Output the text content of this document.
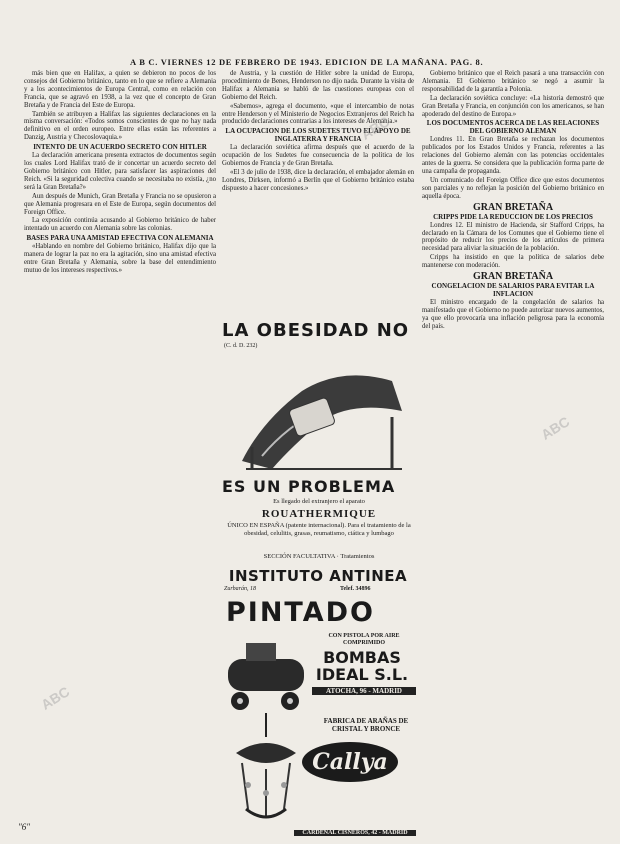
A B C. VIERNES 12 DE FEBRERO DE 1943. EDICION DE LA MAÑANA. PAG. 8.

más bien que en Halifax, a quien se debieron no pocos de los consejos del Gobierno británico, tanto en lo que se refiere a Alemania y a los acontecimientos de Europa Central, como en relación con Francia, que se agravó en 1938, a la vez que el concepto de Gran Bretaña y de Francia del Este de Europa.

También se atribuyen a Halifax las siguientes declaraciones en la misma conversación: «Todos somos conscientes de que no hay nada definitivo en el orden europeo. Entre ellas están las referentes a Danzig, Austria y Checoslovaquia.»

INTENTO DE UN ACUERDO SECRETO CON HITLER

La declaración americana presenta extractos de documentos según los cuales Lord Halifax trató de ir concertar un acuerdo secreto del Gobierno británico con Hitler, para satisfacer las aspiraciones del Reich. «Si la seguridad colectiva cuando se necesitaba no existía, ¿no será la Gran Bretaña?»

Aun después de Munich, Gran Bretaña y Francia no se opusieron a que Alemania progresara en el Este de Europa, según documentos del Foreign Office.

La exposición continúa acusando al Gobierno británico de haber intentado un acuerdo con Alemania sobre las colonias.

BASES PARA UNA AMISTAD EFECTIVA CON ALEMANIA

«Hablando en nombre del Gobierno británico, Halifax dijo que la manera de lograr la paz no era la agitación, sino una amistad efectiva entre Gran Bretaña y Alemania, sobre la base del entendimiento mutuo de los intereses respectivos.»

de Austria, y la cuestión de Hitler sobre la unidad de Europa, procedimiento de Benes, Henderson no dijo nada. Durante la visita de Halifax a Alemania se habló de las cuestiones europeas con el Gobierno del Reich.

«Sabemos», agrega el documento, «que el intercambio de notas entre Henderson y el Ministerio de Negocios Extranjeros del Reich ha producido declaraciones contrarias a los intereses de Alemania.»

LA OCUPACION DE LOS SUDETES TUVO EL APOYO DE INGLATERRA Y FRANCIA

La declaración soviética afirma después que el acuerdo de la ocupación de los Sudetes fue consecuencia de la política de los Gobiernos de Francia y de Gran Bretaña.

«El 3 de julio de 1938, dice la declaración, el embajador alemán en Londres, Dirksen, informó a Berlín que el Gobierno británico estaba dispuesto a hacer concesiones.»

LA OBESIDAD NO
(C. d. D. 232)
ES UN PROBLEMA
Es llegado del extranjero el aparato
ROUATHERMIQUE
ÚNICO EN ESPAÑA (patente internacional). Para el tratamiento de la obesidad, celulitis, grasas, reumatismo, ciática y lumbago
SECCIÓN FACULTATIVA · Tratamientos
INSTITUTO ANTINEA
Zurbarán, 18	Telef. 34896
PINTADO
CON PISTOLA POR AIRE COMPRIMIDO
BOMBAS IDEAL S.L.
ATOCHA, 96 - MADRID
FABRICA DE ARAÑAS DE CRISTAL Y BRONCE
Callya S.L.
CARDENAL CISNEROS, 42 - MADRID

Gobierno británico que el Reich pasará a una transacción con Alemania. El Gobierno británico se negó a asumir la responsabilidad de la garantía a Polonia.

La declaración soviética concluye: «La historia demostró que Gran Bretaña y Francia, en conjunción con los americanos, se han apoderado del destino de Europa.»

LOS DOCUMENTOS ACERCA DE LAS RELACIONES DEL GOBIERNO ALEMAN

Londres 11. En Gran Bretaña se rechazan los documentos publicados por los Estados Unidos y Francia, referentes a las relaciones del Gobierno alemán con las potencias occidentales antes de la guerra. Se considera que la publicación forma parte de una campaña de propaganda.

Un comunicado del Foreign Office dice que estos documentos son parciales y no reflejan la posición del Gobierno británico en aquella época.

GRAN BRETAÑA

CRIPPS PIDE LA REDUCCION DE LOS PRECIOS

Londres 12. El ministro de Hacienda, sir Stafford Cripps, ha declarado en la Cámara de los Comunes que el Gobierno tiene el propósito de reducir los precios de los artículos de primera necesidad para aliviar la situación de la población.

Cripps ha insistido en que la política de salarios debe mantenerse con moderación.

GRAN BRETAÑA

CONGELACION DE SALARIOS PARA EVITAR LA INFLACION

El ministro encargado de la congelación de salarios ha manifestado que el Gobierno no puede autorizar nuevos aumentos, ya que ello provocaría una inflación peligrosa para la economía del país.

ABC
ABC
ABC
"6"
